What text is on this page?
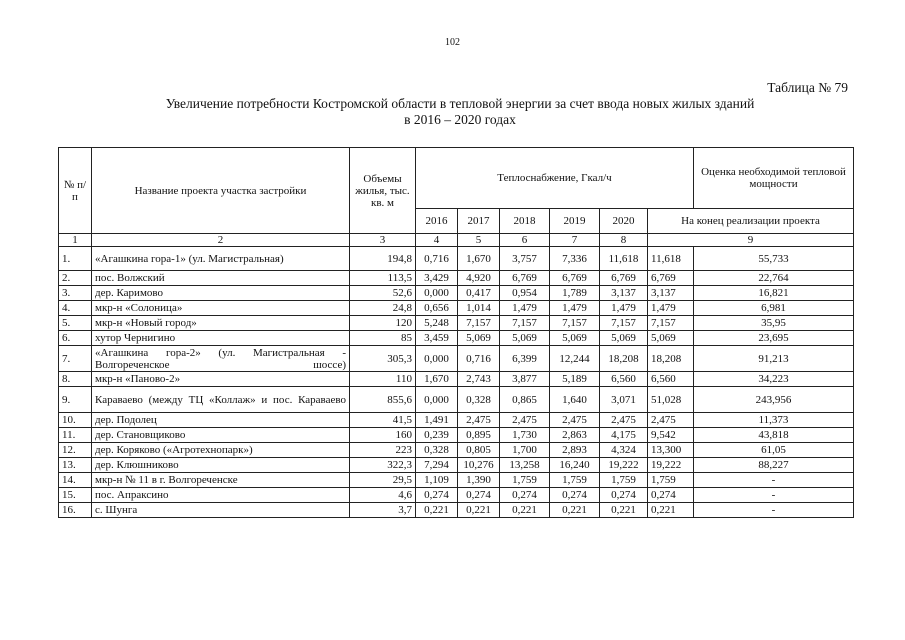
102
Таблица № 79
Увеличение потребности Костромской области в тепловой энергии за счет ввода новых жилых зданий
в 2016 – 2020 годах
№ п/п	Название проекта участка застройки	Объемы жилья, тыс. кв. м	Теплоснабжение, Гкал/ч						Оценка необходимой тепловой мощности
			2016	2017	2018	2019	2020	На конец реализации проекта	
1	2	3	4	5	6	7	8	9	
1.	«Агашкина гора-1» (ул. Магистральная)	194,8	0,716	1,670	3,757	7,336	11,618	11,618	55,733
2.	пос. Волжский	113,5	3,429	4,920	6,769	6,769	6,769	6,769	22,764
3.	дер. Каримово	52,6	0,000	0,417	0,954	1,789	3,137	3,137	16,821
4.	мкр-н «Солоница»	24,8	0,656	1,014	1,479	1,479	1,479	1,479	6,981
5.	мкр-н «Новый город»	120	5,248	7,157	7,157	7,157	7,157	7,157	35,95
6.	хутор Чернигино	85	3,459	5,069	5,069	5,069	5,069	5,069	23,695
7.	«Агашкина гора-2» (ул. Магистральная - Волгореченское шоссе)	305,3	0,000	0,716	6,399	12,244	18,208	18,208	91,213
8.	мкр-н «Паново-2»	110	1,670	2,743	3,877	5,189	6,560	6,560	34,223
9.	Караваево (между ТЦ «Коллаж» и пос. Караваево	855,6	0,000	0,328	0,865	1,640	3,071	51,028	243,956
10.	дер. Подолец	41,5	1,491	2,475	2,475	2,475	2,475	2,475	11,373
11.	дер. Становщиково	160	0,239	0,895	1,730	2,863	4,175	9,542	43,818
12.	дер. Коряково («Агротехнопарк»)	223	0,328	0,805	1,700	2,893	4,324	13,300	61,05
13.	дер. Клюшниково	322,3	7,294	10,276	13,258	16,240	19,222	19,222	88,227
14.	мкр-н № 11 в г. Волгореченске	29,5	1,109	1,390	1,759	1,759	1,759	1,759	-
15.	пос. Апраксино	4,6	0,274	0,274	0,274	0,274	0,274	0,274	-
16.	с. Шунга	3,7	0,221	0,221	0,221	0,221	0,221	0,221	-
